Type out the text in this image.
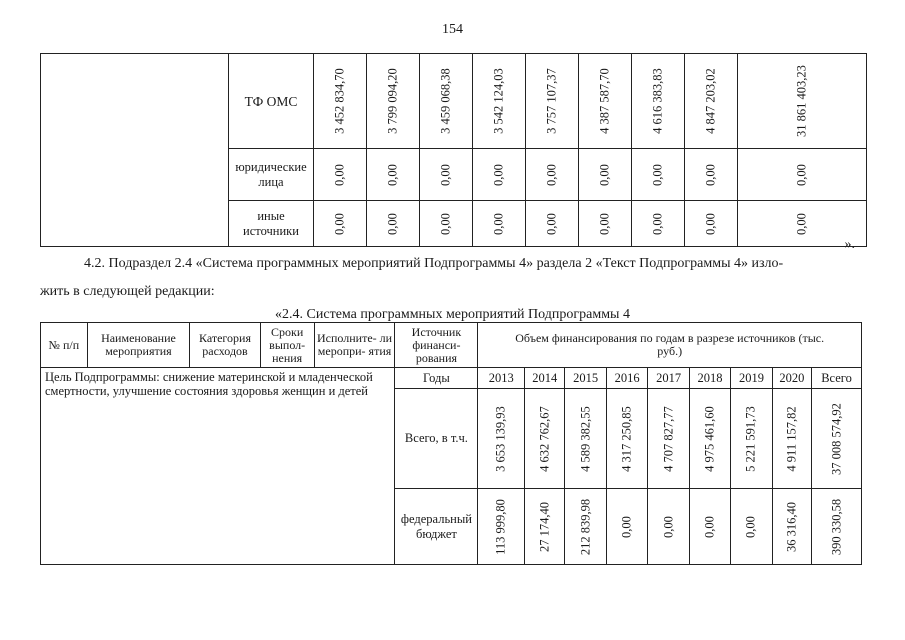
154
	ТФ ОМС	3 452 834,70	3 799 094,20	3 459 068,38	3 542 124,03	3 757 107,37	4 387 587,70	4 616 383,83	4 847 203,02	31 861 403,23

	юридические лица	0,00	0,00	0,00	0,00	0,00	0,00	0,00	0,00	0,00

	иные источники	0,00	0,00	0,00	0,00	0,00	0,00	0,00	0,00	0,00
».
4.2. Подраздел 2.4 «Система программных мероприятий Подпрограммы 4» раздела 2 «Текст Подпрограммы 4» изло-
жить в следующей редакции:
«2.4. Система программных мероприятий Подпрограммы 4
№ п/п	Наименование мероприятия	Категория расходов	Сроки выпол- нения	Исполните- ли меропри- ятия	Источник финанси- рования	Объем финансирования по годам в разрезе источников (тыс. руб.)								
Цель Подпрограммы: снижение материнской и младенческой смертности, улучшение состояния здоровья женщин и детей					Годы	2013	2014	2015	2016	2017	2018	2019	2020	Всего
					Всего, в т.ч.	3 653 139,93	4 632 762,67	4 589 382,55	4 317 250,85	4 707 827,77	4 975 461,60	5 221 591,73	4 911 157,82	37 008 574,92

					федеральный бюджет	113 999,80	27 174,40	212 839,98	0,00	0,00	0,00	0,00	36 316,40	390 330,58
